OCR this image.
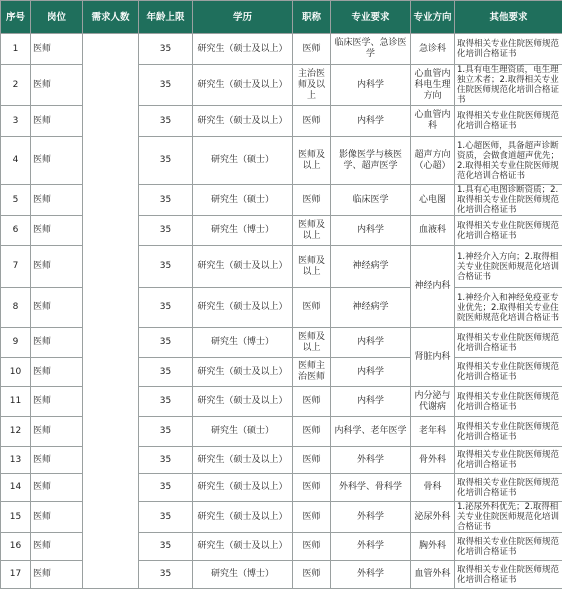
序号	岗位	需求人数	年龄上限	学历	职称	专业要求	专业方向	其他要求
1	医师		35	研究生（硕士及以上）	医师	临床医学、急诊医学	急诊科	取得相关专业住院医师规范化培训合格证书
2	医师		35	研究生（硕士及以上）	主治医师及以上	内科学	心血管内科电生理方向	1.具有电生理资质，电生理独立术者；2.取得相关专业住院医师规范化培训合格证书
3	医师		35	研究生（硕士及以上）	医师	内科学	心血管内科	取得相关专业住院医师规范化培训合格证书
4	医师		35	研究生（硕士）	医师及以上	影像医学与核医学、超声医学	超声方向（心超）	1.心超医师，具备超声诊断资质，会做食道超声优先；2.取得相关专业住院医师规范化培训合格证书
5	医师		35	研究生（硕士）	医师	临床医学	心电图	1.具有心电图诊断资质；2.取得相关专业住院医师规范化培训合格证书
6	医师		35	研究生（博士）	医师及以上	内科学	血液科	取得相关专业住院医师规范化培训合格证书
7	医师		35	研究生（硕士及以上）	医师及以上	神经病学	神经内科	1.神经介入方向；2.取得相关专业住院医师规范化培训合格证书
8	医师		35	研究生（硕士及以上）	医师	神经病学		1.神经介入和神经免疫亚专业优先；2.取得相关专业住院医师规范化培训合格证书
9	医师		35	研究生（博士）	医师及以上	内科学	肾脏内科	取得相关专业住院医师规范化培训合格证书
10	医师		35	研究生（硕士及以上）	医师主治医师	内科学		取得相关专业住院医师规范化培训合格证书
11	医师		35	研究生（硕士及以上）	医师	内科学	内分泌与代谢病	取得相关专业住院医师规范化培训合格证书
12	医师		35	研究生（硕士）	医师	内科学、老年医学	老年科	取得相关专业住院医师规范化培训合格证书
13	医师		35	研究生（硕士及以上）	医师	外科学	骨外科	取得相关专业住院医师规范化培训合格证书
14	医师		35	研究生（硕士及以上）	医师	外科学、骨科学	骨科	取得相关专业住院医师规范化培训合格证书
15	医师		35	研究生（硕士及以上）	医师	外科学	泌尿外科	1.泌尿外科优先；2.取得相关专业住院医师规范化培训合格证书
16	医师		35	研究生（硕士及以上）	医师	外科学	胸外科	取得相关专业住院医师规范化培训合格证书
17	医师		35	研究生（博士）	医师	外科学	血管外科	取得相关专业住院医师规范化培训合格证书
